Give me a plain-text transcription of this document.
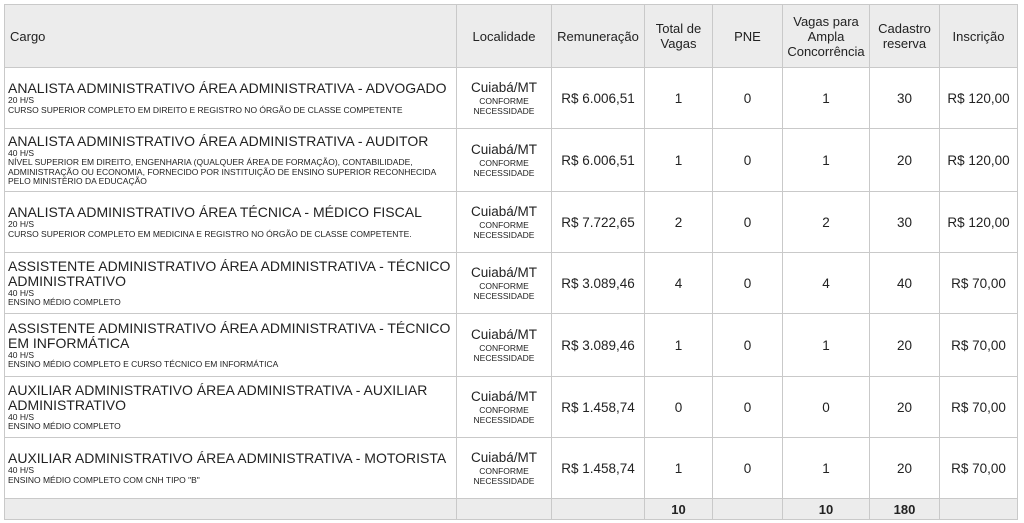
Cargo	Localidade	Remuneração	Total de Vagas	PNE	Vagas para Ampla Concorrência	Cadastro reserva	Inscrição

ANALISTA ADMINISTRATIVO ÁREA ADMINISTRATIVA - ADVOGADO
20 H/S
CURSO SUPERIOR COMPLETO EM DIREITO E REGISTRO NO ÓRGÃO DE CLASSE COMPETENTE	Cuiabá/MT
CONFORME NECESSIDADE	R$ 6.006,51	1	0	1	30	R$ 120,00

ANALISTA ADMINISTRATIVO ÁREA ADMINISTRATIVA - AUDITOR
40 H/S
NÍVEL SUPERIOR EM DIREITO, ENGENHARIA (QUALQUER ÁREA DE FORMAÇÃO), CONTABILIDADE, ADMINISTRAÇÃO OU ECONOMIA, FORNECIDO POR INSTITUIÇÃO DE ENSINO SUPERIOR RECONHECIDA PELO MINISTÉRIO DA EDUCAÇÃO	Cuiabá/MT
CONFORME NECESSIDADE	R$ 6.006,51	1	0	1	20	R$ 120,00

ANALISTA ADMINISTRATIVO ÁREA TÉCNICA - MÉDICO FISCAL
20 H/S
CURSO SUPERIOR COMPLETO EM MEDICINA E REGISTRO NO ÓRGÃO DE CLASSE COMPETENTE.	Cuiabá/MT
CONFORME NECESSIDADE	R$ 7.722,65	2	0	2	30	R$ 120,00

ASSISTENTE ADMINISTRATIVO ÁREA ADMINISTRATIVA - TÉCNICO ADMINISTRATIVO
40 H/S
ENSINO MÉDIO COMPLETO	Cuiabá/MT
CONFORME NECESSIDADE	R$ 3.089,46	4	0	4	40	R$ 70,00

ASSISTENTE ADMINISTRATIVO ÁREA ADMINISTRATIVA - TÉCNICO EM INFORMÁTICA
40 H/S
ENSINO MÉDIO COMPLETO E CURSO TÉCNICO EM INFORMÁTICA	Cuiabá/MT
CONFORME NECESSIDADE	R$ 3.089,46	1	0	1	20	R$ 70,00

AUXILIAR ADMINISTRATIVO ÁREA ADMINISTRATIVA - AUXILIAR ADMINISTRATIVO
40 H/S
ENSINO MÉDIO COMPLETO	Cuiabá/MT
CONFORME NECESSIDADE	R$ 1.458,74	0	0	0	20	R$ 70,00

AUXILIAR ADMINISTRATIVO ÁREA ADMINISTRATIVA - MOTORISTA
40 H/S
ENSINO MÉDIO COMPLETO COM CNH TIPO "B"	Cuiabá/MT
CONFORME NECESSIDADE	R$ 1.458,74	1	0	1	20	R$ 70,00
			10		10	180	
